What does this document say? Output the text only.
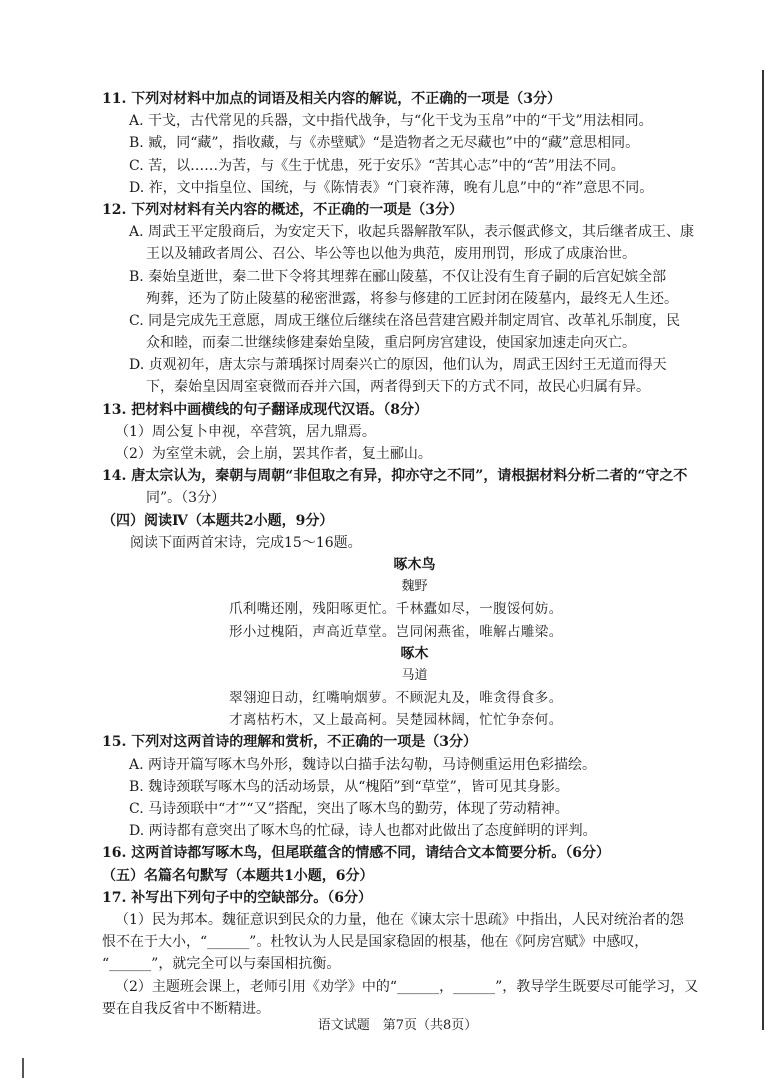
11. 下列对材料中加点的词语及相关内容的解说，不正确的一项是（3分）
A. 干戈，古代常见的兵器，文中指代战争，与“化干戈为玉帛”中的“干戈”用法相同。
B. 臧，同“藏”，指收藏，与《赤壁赋》“是造物者之无尽藏也”中的“藏”意思相同。
C. 苦，以……为苦，与《生于忧患，死于安乐》“苦其心志”中的“苦”用法不同。
D. 祚，文中指皇位、国统，与《陈情表》“门衰祚薄，晚有儿息”中的“祚”意思不同。
12. 下列对材料有关内容的概述，不正确的一项是（3分）
A. 周武王平定殷商后，为安定天下，收起兵器解散军队，表示偃武修文，其后继者成王、康
王以及辅政者周公、召公、毕公等也以他为典范，废用刑罚，形成了成康治世。
B. 秦始皇逝世，秦二世下令将其埋葬在郦山陵墓，不仅让没有生育子嗣的后宫妃嫔全部
殉葬，还为了防止陵墓的秘密泄露，将参与修建的工匠封闭在陵墓内，最终无人生还。
C. 同是完成先王意愿，周成王继位后继续在洛邑营建宫殿并制定周官、改革礼乐制度，民
众和睦，而秦二世继续修建秦始皇陵，重启阿房宫建设，使国家加速走向灭亡。
D. 贞观初年，唐太宗与萧瑀探讨周秦兴亡的原因，他们认为，周武王因纣王无道而得天
下，秦始皇因周室衰微而吞并六国，两者得到天下的方式不同，故民心归属有异。
13. 把材料中画横线的句子翻译成现代汉语。（8分）
（1）周公复卜申视，卒营筑，居九鼎焉。
（2）为室堂未就，会上崩，罢其作者，复土郦山。
14. 唐太宗认为，秦朝与周朝“非但取之有异，抑亦守之不同”，请根据材料分析二者的“守之不
同”。（3分）
（四）阅读Ⅳ（本题共2小题，9分）
阅读下面两首宋诗，完成15～16题。
啄木鸟
魏野
爪利嘴还刚，残阳啄更忙。千林蠹如尽，一腹馁何妨。
形小过槐陌，声高近草堂。岂同闲燕雀，唯解占雕梁。
啄木
马道
翠翎迎日动，红嘴响烟萝。不顾泥丸及，唯贪得食多。
才离枯朽木，又上最高柯。吴楚园林阔，忙忙争奈何。
15. 下列对这两首诗的理解和赏析，不正确的一项是（3分）
A. 两诗开篇写啄木鸟外形，魏诗以白描手法勾勒，马诗侧重运用色彩描绘。
B. 魏诗颈联写啄木鸟的活动场景，从“槐陌”到“草堂”，皆可见其身影。
C. 马诗颈联中“才”“又”搭配，突出了啄木鸟的勤劳，体现了劳动精神。
D. 两诗都有意突出了啄木鸟的忙碌，诗人也都对此做出了态度鲜明的评判。
16. 这两首诗都写啄木鸟，但尾联蕴含的情感不同，请结合文本简要分析。（6分）
（五）名篇名句默写（本题共1小题，6分）
17. 补写出下列句子中的空缺部分。（6分）
（1）民为邦本。魏征意识到民众的力量，他在《谏太宗十思疏》中指出，人民对统治者的怨
恨不在于大小，“______”。杜牧认为人民是国家稳固的根基，他在《阿房宫赋》中感叹，
“______”，就完全可以与秦国相抗衡。
（2）主题班会课上，老师引用《劝学》中的“______，______”，教导学生既要尽可能学习，又
要在自我反省中不断精进。
语文试题　第7页（共8页）
